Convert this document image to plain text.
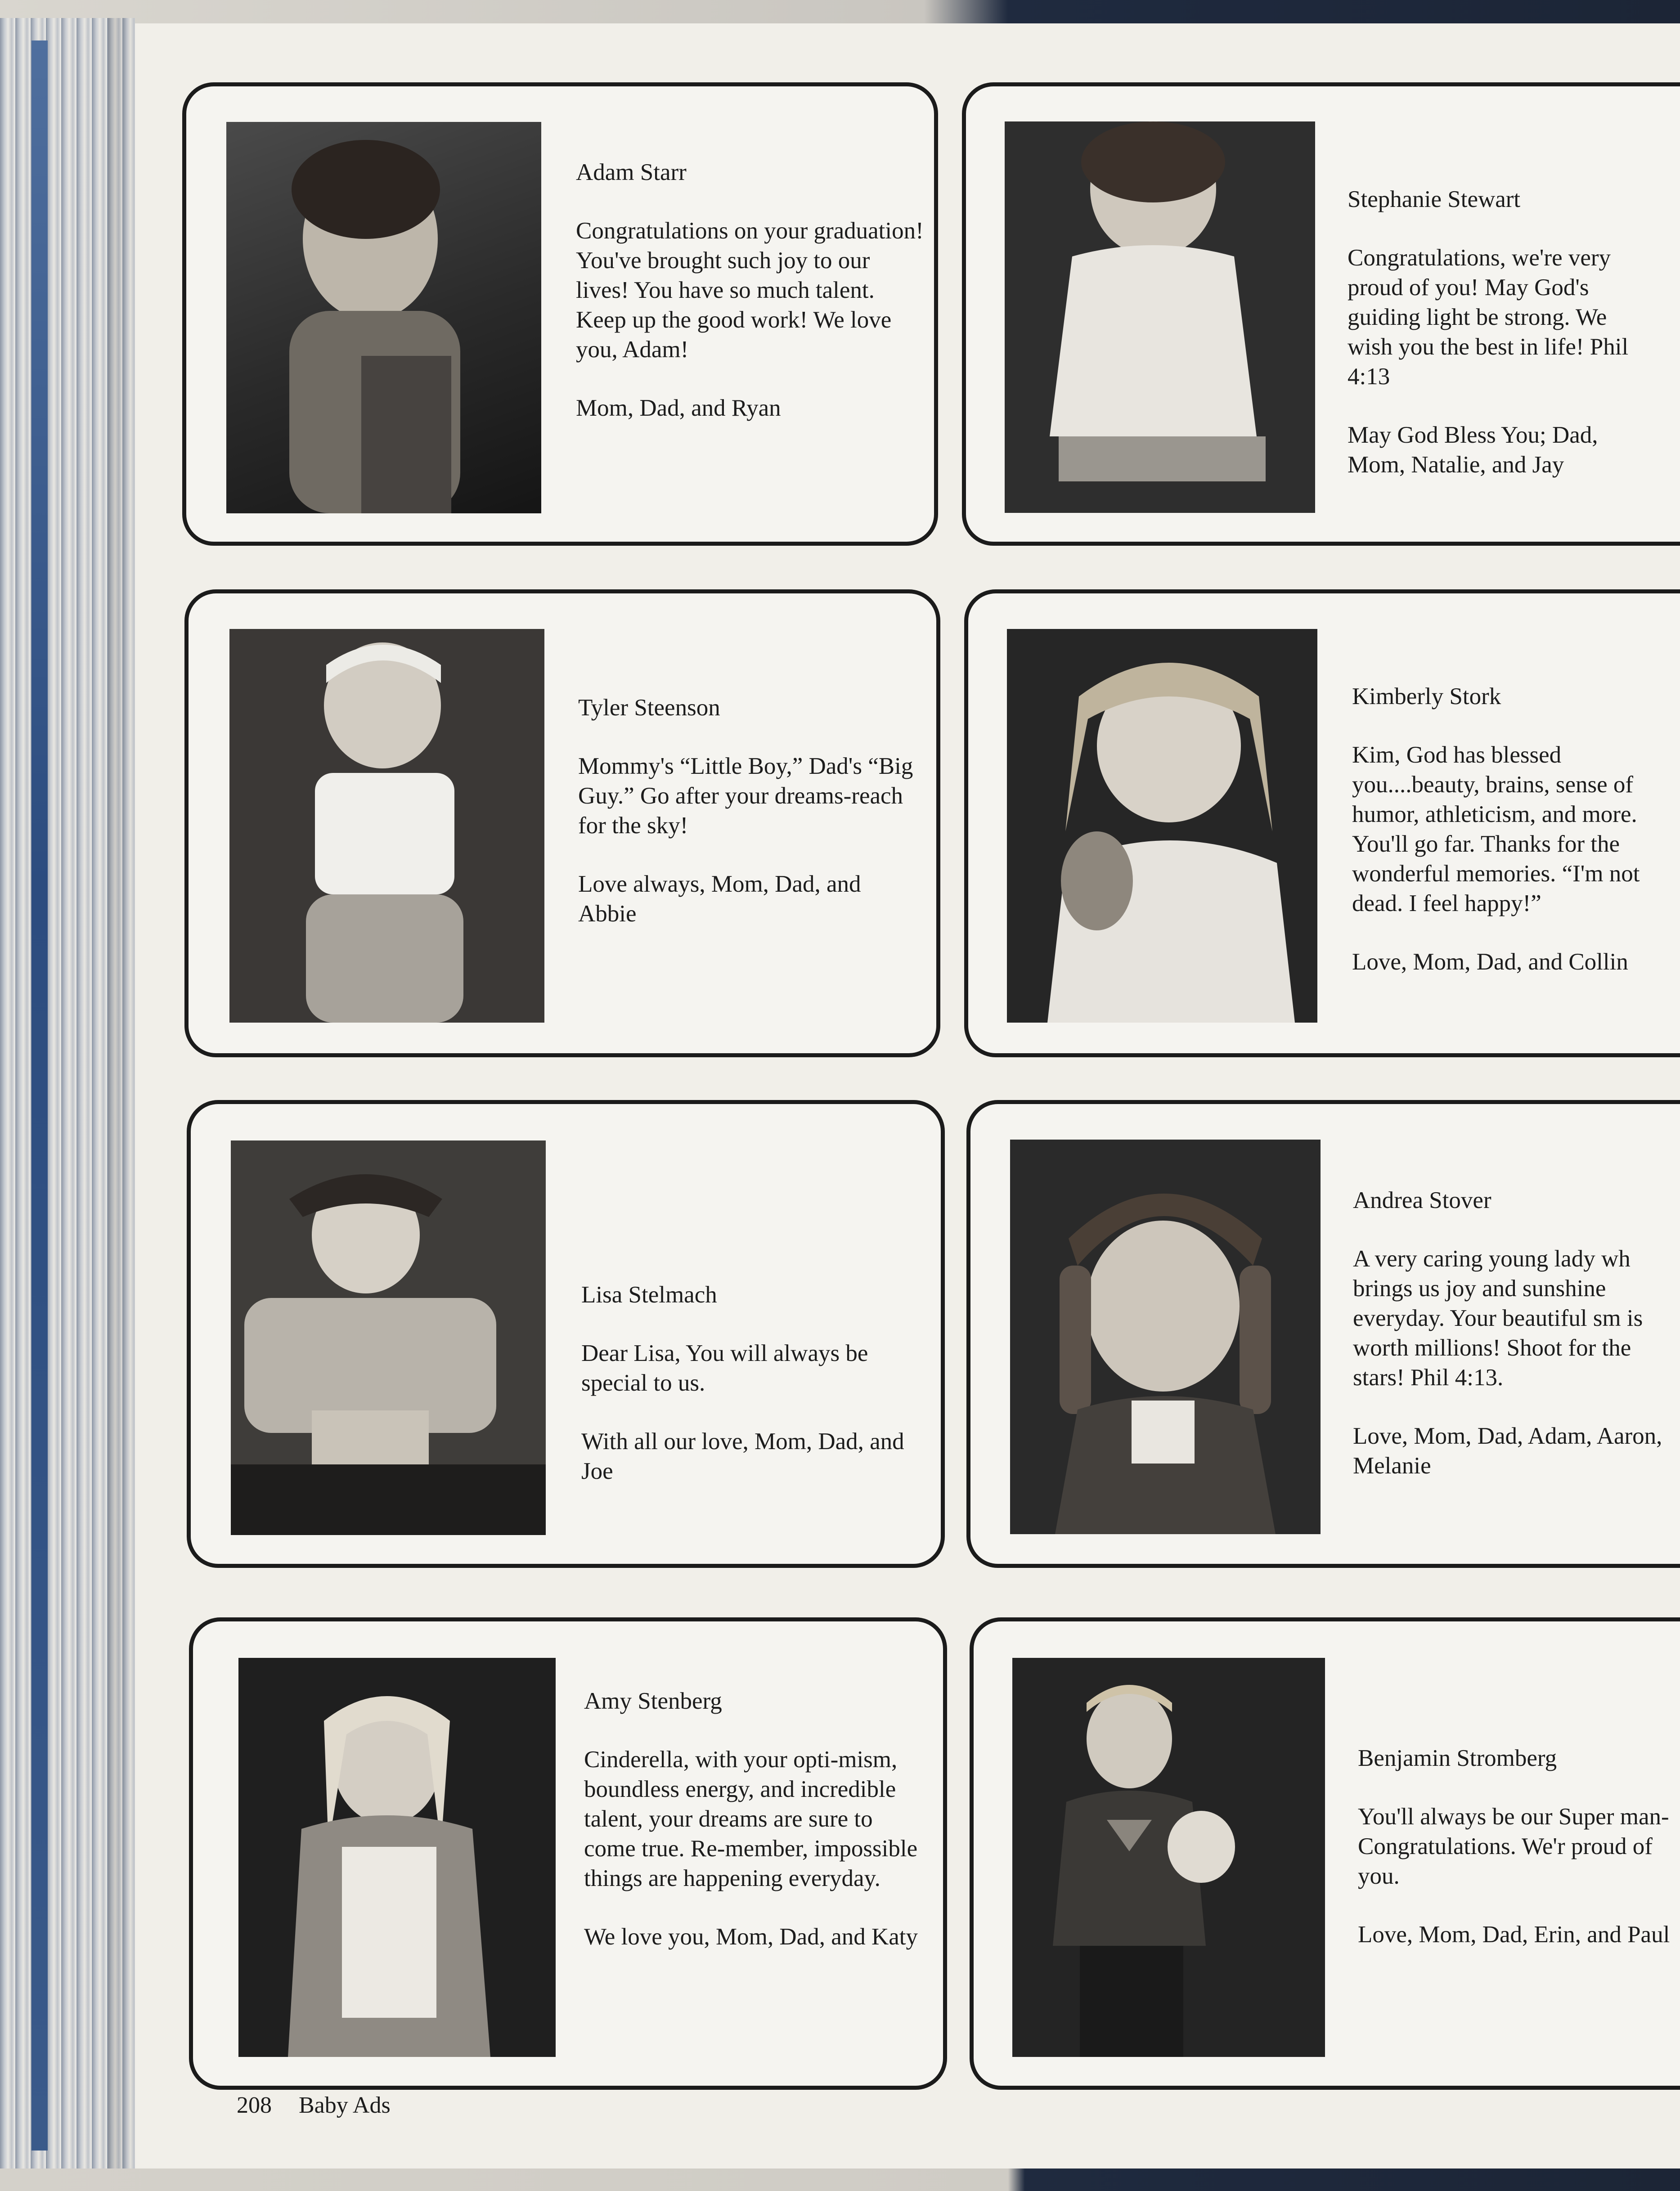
Adam Starr

Congratulations on your graduation! You've brought such joy to our lives! You have so much talent. Keep up the good work! We love you, Adam!

Mom, Dad, and Ryan

Stephanie Stewart

Congratulations, we're very proud of you! May God's guiding light be strong. We wish you the best in life! Phil 4:13

May God Bless You; Dad, Mom, Natalie, and Jay

Tyler Steenson

Mommy's “Little Boy,” Dad's “Big Guy.” Go after your dreams-reach for the sky!

Love always, Mom, Dad, and Abbie

Kimberly Stork

Kim, God has blessed you....beauty, brains, sense of humor, athleticism, and more. You'll go far. Thanks for the wonderful memories. “I'm not dead. I feel happy!”

Love, Mom, Dad, and Collin

Lisa Stelmach

Dear Lisa, You will always be special to us.

With all our love, Mom, Dad, and Joe

Andrea Stover

A very caring young lady wh brings us joy and sunshine everyday. Your beautiful sm is worth millions! Shoot for the stars! Phil 4:13.

Love, Mom, Dad, Adam, Aaron, Melanie

Amy Stenberg

Cinderella, with your opti-mism, boundless energy, and incredible talent, your dreams are sure to come true. Re-member, impossible things are happening everyday.

We love you, Mom, Dad, and Katy

Benjamin Stromberg

You'll always be our Super man-Congratulations. We'r proud of you.

Love, Mom, Dad, Erin, and Paul

208 Baby Ads
